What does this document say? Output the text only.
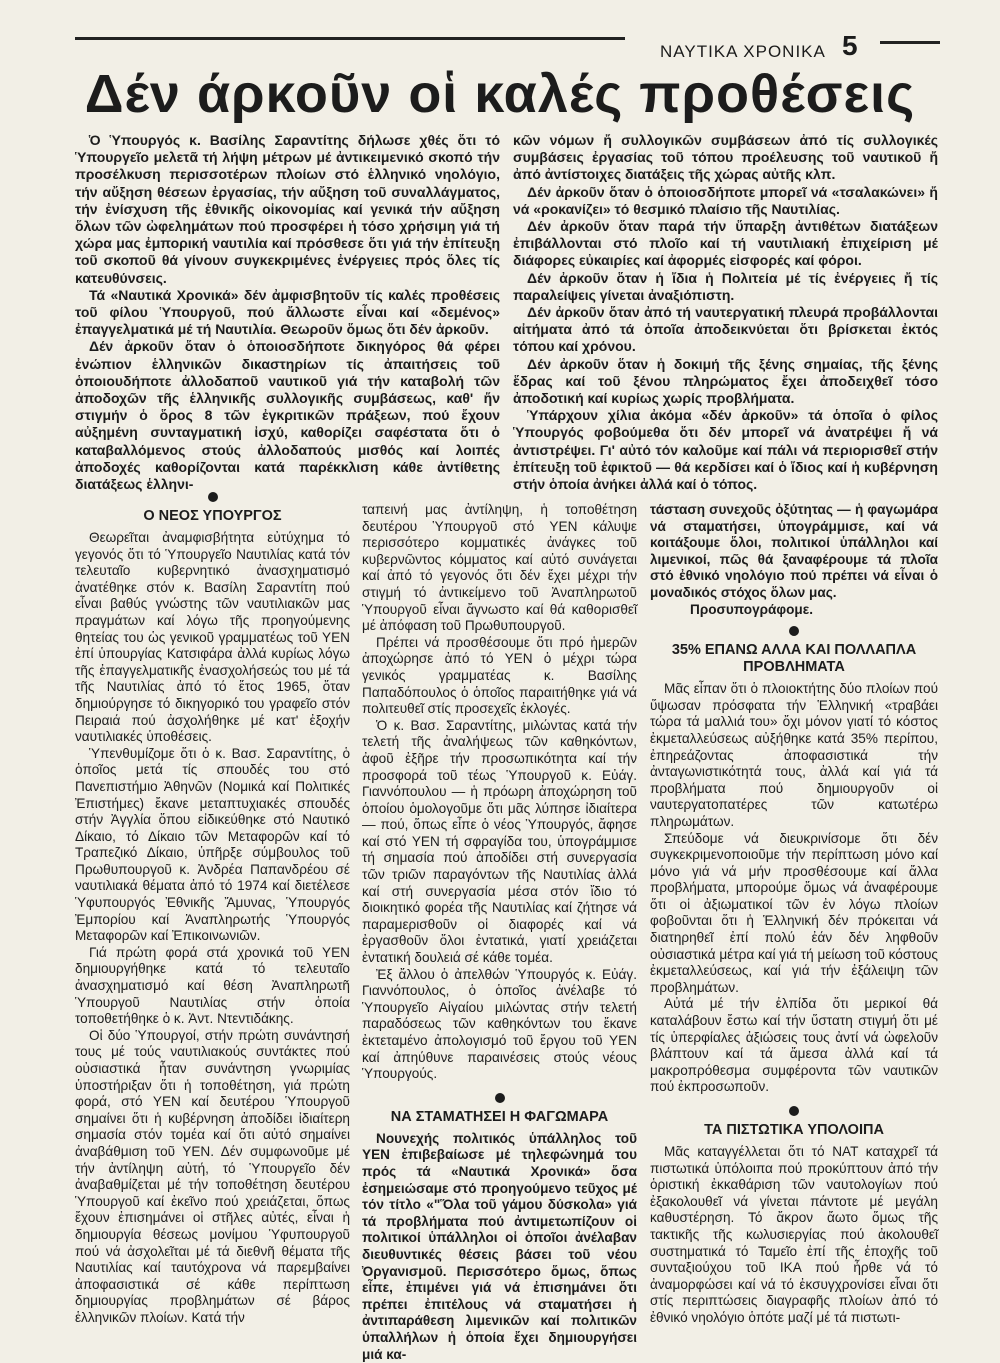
ΝΑΥΤΙΚΑ ΧΡΟΝΙΚΑ 5
Δέν άρκοῦν οἱ καλές προθέσεις

Ὁ Ὑπουργός κ. Βασίλης Σαραντίτης δήλωσε χθές ὅτι τό Ὑπουργεῖο μελετᾶ τή λήψη μέτρων μέ ἀντικειμενικό σκοπό τήν προσέλκυση περισσοτέρων πλοίων στό ἑλληνικό νηολόγιο, τήν αὔξηση θέσεων ἐργασίας, τήν αὔξηση τοῦ συναλλάγματος, τήν ἐνίσχυση τῆς ἐθνικῆς οἰκονομίας καί γενικά τήν αὔξηση ὅλων τῶν ὠφελημάτων πού προσφέρει ἡ τόσο χρήσιμη γιά τή χώρα μας ἐμπορική ναυτιλία καί πρόσθεσε ὅτι γιά τήν ἐπίτευξη τοῦ σκοποῦ θά γίνουν συγκεκριμένες ἐνέργειες πρός ὅλες τίς κατευθύνσεις.

Τά «Ναυτικά Χρονικά» δέν ἀμφισβητοῦν τίς καλές προθέσεις τοῦ φίλου Ὑπουργοῦ, πού ἄλλωστε εἶναι καί «δεμένος» ἐπαγγελματικά μέ τή Ναυτιλία. Θεωροῦν ὅμως ὅτι δέν ἀρκοῦν.

Δέν ἀρκοῦν ὅταν ὁ ὁποιοσδήποτε δικηγόρος θά φέρει ἐνώπιον ἑλληνικῶν δικαστηρίων τίς ἀπαιτήσεις τοῦ ὁποιουδήποτε ἀλλοδαποῦ ναυτικοῦ γιά τήν καταβολή τῶν ἀποδοχῶν τῆς ἑλληνικῆς συλλογικῆς συμβάσεως, καθ' ἥν στιγμήν ὁ ὅρος 8 τῶν ἐγκριτικῶν πράξεων, πού ἔχουν αὐξημένη συνταγματική ἰσχύ, καθορίζει σαφέστατα ὅτι ὁ καταβαλλόμενος στούς ἀλλοδαπούς μισθός καί λοιπές ἀποδοχές καθορίζονται κατά παρέκκλιση κάθε ἀντίθετης διατάξεως ἑλληνι-

κῶν νόμων ἤ συλλογικῶν συμβάσεων ἀπό τίς συλλογικές συμβάσεις ἐργασίας τοῦ τόπου προέλευσης τοῦ ναυτικοῦ ἤ ἀπό ἀντίστοιχες διατάξεις τῆς χώρας αὐτῆς κλπ.

Δέν ἀρκοῦν ὅταν ὁ ὁποιοσδήποτε μπορεῖ νά «τσαλακώνει» ἤ νά «ροκανίζει» τό θεσμικό πλαίσιο τῆς Ναυτιλίας.

Δέν ἀρκοῦν ὅταν παρά τήν ὕπαρξη ἀντιθέτων διατάξεων ἐπιβάλλονται στό πλοῖο καί τή ναυτιλιακή ἐπιχείριση μέ διάφορες εὐκαιρίες καί ἀφορμές εἰσφορές καί φόροι.

Δέν ἀρκοῦν ὅταν ἡ ἴδια ἡ Πολιτεία μέ τίς ἐνέργειες ἤ τίς παραλείψεις γίνεται ἀναξιόπιστη.

Δέν ἀρκοῦν ὅταν ἀπό τή ναυτεργατική πλευρά προβάλλονται αἰτήματα ἀπό τά ὁποῖα ἀποδεικνύεται ὅτι βρίσκεται ἐκτός τόπου καί χρόνου.

Δέν ἀρκοῦν ὅταν ἡ δοκιμή τῆς ξένης σημαίας, τῆς ξένης ἕδρας καί τοῦ ξένου πληρώματος ἔχει ἀποδειχθεῖ τόσο ἀποδοτική καί κυρίως χωρίς προβλήματα.

Ὑπάρχουν χίλια ἀκόμα «δέν ἀρκοῦν» τά ὁποῖα ὁ φίλος Ὑπουργός φοβούμεθα ὅτι δέν μπορεῖ νά ἀνατρέψει ἤ νά ἀντιστρέψει. Γι' αὐτό τόν καλοῦμε καί πάλι νά περιορισθεῖ στήν ἐπίτευξη τοῦ ἐφικτοῦ — θά κερδίσει καί ὁ ἴδιος καί ἡ κυβέρνηση στήν ὁποία ἀνήκει ἀλλά καί ὁ τόπος.

Ο ΝΕΟΣ ΥΠΟΥΡΓΟΣ

Θεωρεῖται ἀναμφισβήτητα εὐτύχημα τό γεγονός ὅτι τό Ὑπουργεῖο Ναυτιλίας κατά τόν τελευταῖο κυβερνητικό ἀνασχηματισμό ἀνατέθηκε στόν κ. Βασίλη Σαραντίτη πού εἶναι βαθύς γνώστης τῶν ναυτιλιακῶν μας πραγμάτων καί λόγω τῆς προηγούμενης θητείας του ὡς γενικοῦ γραμματέως τοῦ ΥΕΝ ἐπί ὑπουργίας Κατσιφάρα ἀλλά κυρίως λόγω τῆς ἐπαγγελματικῆς ἐνασχολήσεώς του μέ τά τῆς Ναυτιλίας ἀπό τό ἔτος 1965, ὅταν δημιούργησε τό δικηγορικό του γραφεῖο στόν Πειραιά πού ἀσχολήθηκε μέ κατ' ἐξοχήν ναυτιλιακές ὑποθέσεις.

Ὑπενθυμίζομε ὅτι ὁ κ. Βασ. Σαραντίτης, ὁ ὁποῖος μετά τίς σπουδές του στό Πανεπιστήμιο Ἀθηνῶν (Νομικά καί Πολιτικές Ἐπιστήμες) ἔκανε μεταπτυχιακές σπουδές στήν Ἀγγλία ὅπου εἰδικεύθηκε στό Ναυτικό Δίκαιο, τό Δίκαιο τῶν Μεταφορῶν καί τό Τραπεζικό Δίκαιο, ὑπῆρξε σύμβουλος τοῦ Πρωθυπουργοῦ κ. Ἀνδρέα Παπανδρέου σέ ναυτιλιακά θέματα ἀπό τό 1974 καί διετέλεσε Ὑφυπουργός Ἐθνικῆς Ἄμυνας, Ὑπουργός Ἐμπορίου καί Ἀναπληρωτής Ὑπουργός Μεταφορῶν καί Ἐπικοινωνιῶν.

Γιά πρώτη φορά στά χρονικά τοῦ ΥΕΝ δημιουργήθηκε κατά τό τελευταῖο ἀνασχηματισμό καί θέση Ἀναπληρωτῆ Ὑπουργοῦ Ναυτιλίας στήν ὁποία τοποθετήθηκε ὁ κ. Ἀντ. Ντεντιδάκης.

Οἱ δύο Ὑπουργοί, στήν πρώτη συνάντησή τους μέ τούς ναυτιλιακούς συντάκτες πού οὐσιαστικά ἦταν συνάντηση γνωριμίας ὑποστήριξαν ὅτι ἡ τοποθέτηση, γιά πρώτη φορά, στό ΥΕΝ καί δευτέρου Ὑπουργοῦ σημαίνει ὅτι ἡ κυβέρνηση ἀποδίδει ἰδιαίτερη σημασία στόν τομέα καί ὅτι αὐτό σημαίνει ἀναβάθμιση τοῦ ΥΕΝ. Δέν συμφωνοῦμε μέ τήν ἀντίληψη αὐτή, τό Ὑπουργεῖο δέν ἀναβαθμίζεται μέ τήν τοποθέτηση δευτέρου Ὑπουργοῦ καί ἐκεῖνο πού χρειάζεται, ὅπως ἔχουν ἐπισημάνει οἱ στῆλες αὐτές, εἶναι ἡ δημιουργία θέσεως μονίμου Ὑφυπουργοῦ πού νά ἀσχολεῖται μέ τά διεθνῆ θέματα τῆς Ναυτιλίας καί ταυτόχρονα νά παρεμβαίνει ἀποφασιστικά σέ κάθε περίπτωση δημιουργίας προβλημάτων σέ βάρος ἑλληνικῶν πλοίων. Κατά τήν

ταπεινή μας ἀντίληψη, ἡ τοποθέτηση δευτέρου Ὑπουργοῦ στό ΥΕΝ κάλυψε περισσότερο κομματικές ἀνάγκες τοῦ κυβερνῶντος κόμματος καί αὐτό συνάγεται καί ἀπό τό γεγονός ὅτι δέν ἔχει μέχρι τήν στιγμή τό ἀντικείμενο τοῦ Ἀναπληρωτοῦ Ὑπουργοῦ εἶναι ἄγνωστο καί θά καθορισθεῖ μέ ἀπόφαση τοῦ Πρωθυπουργοῦ.

Πρέπει νά προσθέσουμε ὅτι πρό ἡμερῶν ἀποχώρησε ἀπό τό ΥΕΝ ὁ μέχρι τώρα γενικός γραμματέας κ. Βασίλης Παπαδόπουλος ὁ ὁποῖος παραιτήθηκε γιά νά πολιτευθεῖ στίς προσεχεῖς ἐκλογές.

Ὁ κ. Βασ. Σαραντίτης, μιλώντας κατά τήν τελετή τῆς ἀναλήψεως τῶν καθηκόντων, ἀφοῦ ἐξῆρε τήν προσωπικότητα καί τήν προσφορά τοῦ τέως Ὑπουργοῦ κ. Εὐάγ. Γιαννόπουλου — ἡ πρόωρη ἀποχώρηση τοῦ ὁποίου ὁμολογοῦμε ὅτι μᾶς λύπησε ἰδιαίτερα — πού, ὅπως εἶπε ὁ νέος Ὑπουργός, ἄφησε καί στό ΥΕΝ τή σφραγίδα του, ὑπογράμμισε τή σημασία πού ἀποδίδει στή συνεργασία τῶν τριῶν παραγόντων τῆς Ναυτιλίας ἀλλά καί στή συνεργασία μέσα στόν ἴδιο τό διοικητικό φορέα τῆς Ναυτιλίας καί ζήτησε νά παραμερισθοῦν οἱ διαφορές καί νά ἐργασθοῦν ὅλοι ἐντατικά, γιατί χρειάζεται ἐντατική δουλειά σέ κάθε τομέα.

Ἐξ ἄλλου ὁ ἀπελθών Ὑπουργός κ. Εὐάγ. Γιαννόπουλος, ὁ ὁποῖος ἀνέλαβε τό Ὑπουργεῖο Αἰγαίου μιλώντας στήν τελετή παραδόσεως τῶν καθηκόντων του ἔκανε ἐκτεταμένο ἀπολογισμό τοῦ ἔργου τοῦ ΥΕΝ καί ἀπηύθυνε παραινέσεις στούς νέους Ὑπουργούς.

ΝΑ ΣΤΑΜΑΤΗΣΕΙ Η ΦΑΓΩΜΑΡΑ

Νουνεχής πολιτικός ὑπάλληλος τοῦ ΥΕΝ ἐπιβεβαίωσε μέ τηλεφώνημά του πρός τά «Ναυτικά Χρονικά» ὅσα ἐσημειώσαμε στό προηγούμενο τεῦχος μέ τόν τίτλο «"Ὅλα τοῦ γάμου δύσκολα» γιά τά προβλήματα πού ἀντιμετωπίζουν οἱ πολιτικοί ὑπάλληλοι οἱ ὁποῖοι ἀνέλαβαν διευθυντικές θέσεις βάσει τοῦ νέου Ὀργανισμοῦ. Περισσότερο ὅμως, ὅπως εἶπε, ἐπιμένει γιά νά ἐπισημάνει ὅτι πρέπει ἐπιτέλους νά σταματήσει ἡ ἀντιπαράθεση λιμενικῶν καί πολιτικῶν ὑπαλλήλων ἡ ὁποία ἔχει δημιουργήσει μιά κα-

τάσταση συνεχοῦς ὀξύτητας — ἡ φαγωμάρα νά σταματήσει, ὑπογράμμισε, καί νά κοιτάξουμε ὅλοι, πολιτικοί ὑπάλληλοι καί λιμενικοί, πῶς θά ξαναφέρουμε τά πλοῖα στό ἐθνικό νηολόγιο πού πρέπει νά εἶναι ὁ μοναδικός στόχος ὅλων μας.

Προσυπογράφομε.

35% ΕΠΑΝΩ ΑΛΛΑ ΚΑΙ ΠΟΛΛΑΠΛΑ ΠΡΟΒΛΗΜΑΤΑ

Μᾶς εἶπαν ὅτι ὁ πλοιοκτήτης δύο πλοίων πού ὕψωσαν πρόσφατα τήν Ἑλληνική «τραβάει τώρα τά μαλλιά του» ὄχι μόνον γιατί τό κόστος ἐκμεταλλεύσεως αὐξήθηκε κατά 35% περίπου, ἐπηρεάζοντας ἀποφασιστικά τήν ἀνταγωνιστικότητά τους, ἀλλά καί γιά τά προβλήματα πού δημιουργοῦν οἱ ναυτεργατοπατέρες τῶν κατωτέρω πληρωμάτων.

Σπεύδομε νά διευκρινίσομε ὅτι δέν συγκεκριμενοποιοῦμε τήν περίπτωση μόνο καί μόνο γιά νά μήν προσθέσουμε καί ἄλλα προβλήματα, μπορούμε ὅμως νά ἀναφέρουμε ὅτι οἱ ἀξιωματικοί τῶν ἐν λόγω πλοίων φοβοῦνται ὅτι ἡ Ἑλληνική δέν πρόκειται νά διατηρηθεῖ ἐπί πολύ ἐάν δέν ληφθοῦν οὐσιαστικά μέτρα καί γιά τή μείωση τοῦ κόστους ἐκμεταλλεύσεως, καί γιά τήν ἐξάλειψη τῶν προβλημάτων.

Αὐτά μέ τήν ἐλπίδα ὅτι μερικοί θά καταλάβουν ἔστω καί τήν ὕστατη στιγμή ὅτι μέ τίς ὑπερφίαλες ἀξιώσεις τους ἀντί νά ὠφελοῦν βλάπτουν καί τά ἄμεσα ἀλλά καί τά μακροπρόθεσμα συμφέροντα τῶν ναυτικῶν πού ἐκπροσωποῦν.

ΤΑ ΠΙΣΤΩΤΙΚΑ ΥΠΟΛΟΙΠΑ

Μᾶς καταγγέλλεται ὅτι τό ΝΑΤ καταχρεῖ τά πιστωτικά ὑπόλοιπα πού προκύπτουν ἀπό τήν ὁριστική ἐκκαθάριση τῶν ναυτολογίων πού ἐξακολουθεῖ νά γίνεται πάντοτε μέ μεγάλη καθυστέρηση. Τό ἄκρον ἄωτο ὅμως τῆς τακτικῆς τῆς κωλυσιεργίας πού ἀκολουθεῖ συστηματικά τό Ταμεῖο ἐπί τῆς ἐποχῆς τοῦ συνταξιούχου τοῦ ΙΚΑ πού ἦρθε νά τό ἀναμορφώσει καί νά τό ἐκσυγχρονίσει εἶναι ὅτι στίς περιπτώσεις διαγραφῆς πλοίων ἀπό τό ἐθνικό νηολόγιο ὁπότε μαζί μέ τά πιστωτι-
